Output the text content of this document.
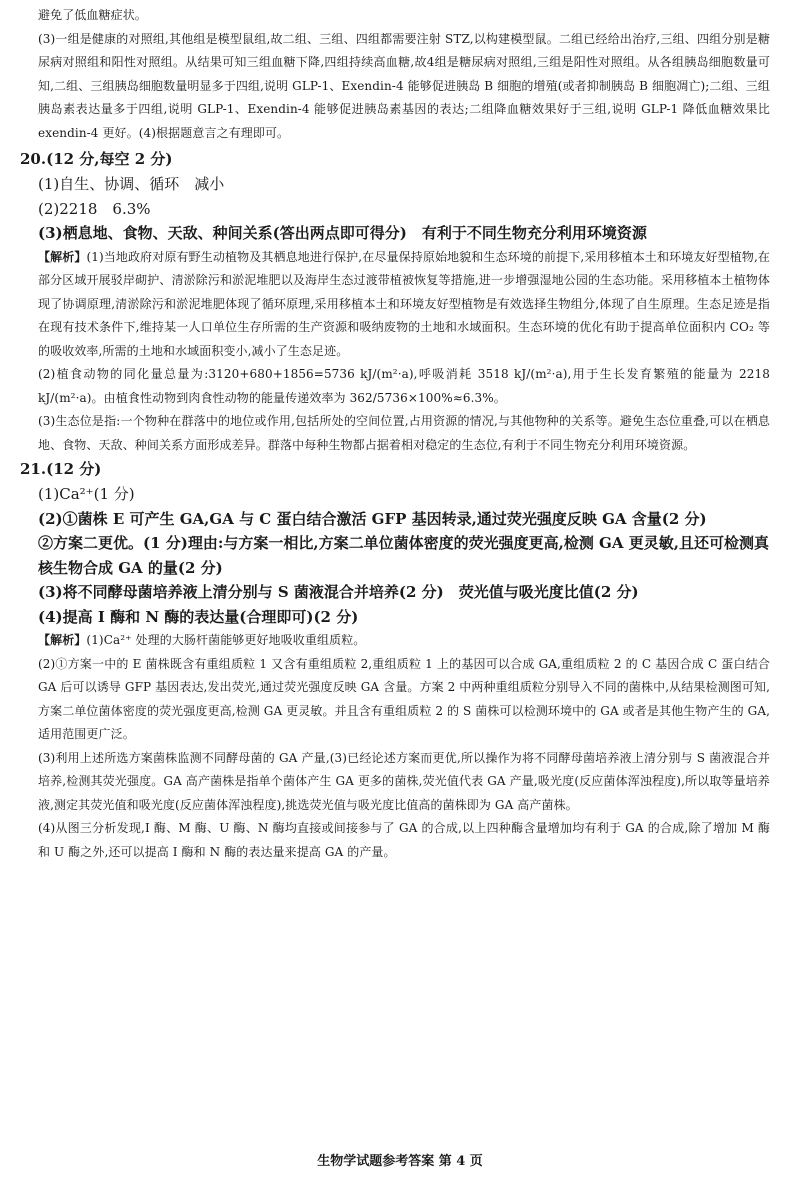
避免了低血糖症状。

(3)一组是健康的对照组,其他组是模型鼠组,故二组、三组、四组都需要注射 STZ,以构建模型鼠。二组已经给出治疗,三组、四组分别是糖尿病对照组和阳性对照组。从结果可知三组血糖下降,四组持续高血糖,故4组是糖尿病对照组,三组是阳性对照组。从各组胰岛细胞数量可知,二组、三组胰岛细胞数量明显多于四组,说明 GLP-1、Exendin-4 能够促进胰岛 B 细胞的增殖(或者抑制胰岛 B 细胞凋亡);二组、三组胰岛素表达量多于四组,说明 GLP-1、Exendin-4 能够促进胰岛素基因的表达;二组降血糖效果好于三组,说明 GLP-1 降低血糖效果比 exendin-4 更好。(4)根据题意言之有理即可。

20.(12 分,每空 2 分)

(1)自生、协调、循环　减小

(2)2218　6.3%

(3)栖息地、食物、天敌、种间关系(答出两点即可得分)　有利于不同生物充分利用环境资源

【解析】(1)当地政府对原有野生动植物及其栖息地进行保护,在尽量保持原始地貌和生态环境的前提下,采用移植本土和环境友好型植物,在部分区域开展驳岸砌护、清淤除污和淤泥堆肥以及海岸生态过渡带植被恢复等措施,进一步增强湿地公园的生态功能。采用移植本土植物体现了协调原理,清淤除污和淤泥堆肥体现了循环原理,采用移植本土和环境友好型植物是有效选择生物组分,体现了自生原理。生态足迹是指在现有技术条件下,维持某一人口单位生存所需的生产资源和吸纳废物的土地和水域面积。生态环境的优化有助于提高单位面积内 CO₂ 等的吸收效率,所需的土地和水域面积变小,减小了生态足迹。

(2)植食动物的同化量总量为:3120+680+1856=5736 kJ/(m²·a),呼吸消耗 3518 kJ/(m²·a),用于生长发育繁殖的能量为 2218 kJ/(m²·a)。由植食性动物到肉食性动物的能量传递效率为 362/5736×100%≈6.3%。

(3)生态位是指:一个物种在群落中的地位或作用,包括所处的空间位置,占用资源的情况,与其他物种的关系等。避免生态位重叠,可以在栖息地、食物、天敌、种间关系方面形成差异。群落中每种生物都占据着相对稳定的生态位,有利于不同生物充分利用环境资源。

21.(12 分)

(1)Ca²⁺(1 分)

(2)①菌株 E 可产生 GA,GA 与 C 蛋白结合激活 GFP 基因转录,通过荧光强度反映 GA 含量(2 分)

②方案二更优。(1 分)理由:与方案一相比,方案二单位菌体密度的荧光强度更高,检测 GA 更灵敏,且还可检测真核生物合成 GA 的量(2 分)

(3)将不同酵母菌培养液上清分别与 S 菌液混合并培养(2 分)　荧光值与吸光度比值(2 分)

(4)提高 I 酶和 N 酶的表达量(合理即可)(2 分)

【解析】(1)Ca²⁺ 处理的大肠杆菌能够更好地吸收重组质粒。

(2)①方案一中的 E 菌株既含有重组质粒 1 又含有重组质粒 2,重组质粒 1 上的基因可以合成 GA,重组质粒 2 的 C 基因合成 C 蛋白结合 GA 后可以诱导 GFP 基因表达,发出荧光,通过荧光强度反映 GA 含量。方案 2 中两种重组质粒分别导入不同的菌株中,从结果检测图可知,方案二单位菌体密度的荧光强度更高,检测 GA 更灵敏。并且含有重组质粒 2 的 S 菌株可以检测环境中的 GA 或者是其他生物产生的 GA,适用范围更广泛。

(3)利用上述所选方案菌株监测不同酵母菌的 GA 产量,(3)已经论述方案而更优,所以操作为将不同酵母菌培养液上清分别与 S 菌液混合并培养,检测其荧光强度。GA 高产菌株是指单个菌体产生 GA 更多的菌株,荧光值代表 GA 产量,吸光度(反应菌体浑浊程度),所以取等量培养液,测定其荧光值和吸光度(反应菌体浑浊程度),挑选荧光值与吸光度比值高的菌株即为 GA 高产菌株。

(4)从图三分析发现,I 酶、M 酶、U 酶、N 酶均直接或间接参与了 GA 的合成,以上四种酶含量增加均有利于 GA 的合成,除了增加 M 酶和 U 酶之外,还可以提高 I 酶和 N 酶的表达量来提高 GA 的产量。

生物学试题参考答案 第 4 页
